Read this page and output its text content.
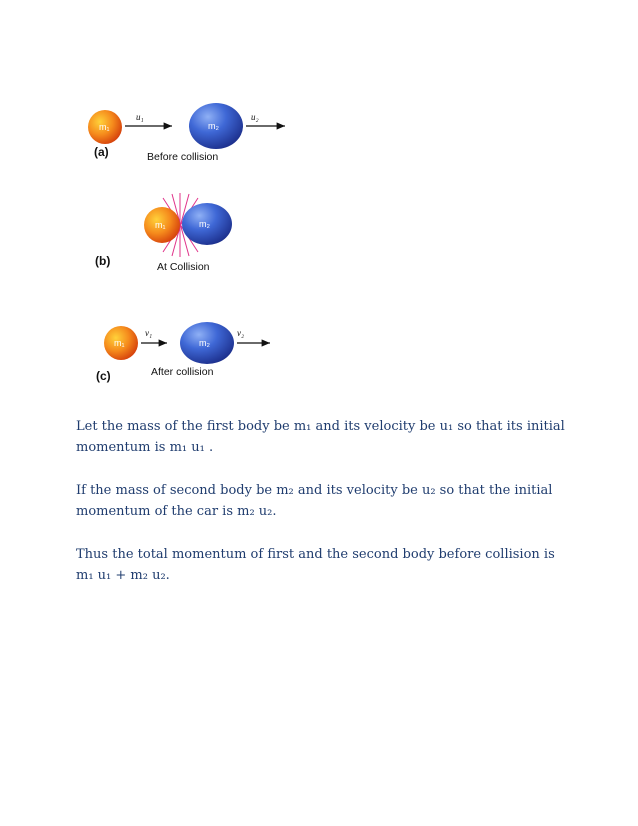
m₁
u₁
m₂
u₂
(a)	Before collision
m₁	m₂
(b)	At Collision
m₁
v₁
m₂
v₂
(c)	After collision

Let the mass of the first body be m₁ and its velocity be u₁ so that its initial momentum is m₁ u₁ .

If the mass of second body be m₂ and its velocity be u₂ so that the initial momentum of the car is m₂ u₂.

Thus the total momentum of first and the second body before collision is m₁ u₁ + m₂ u₂.
